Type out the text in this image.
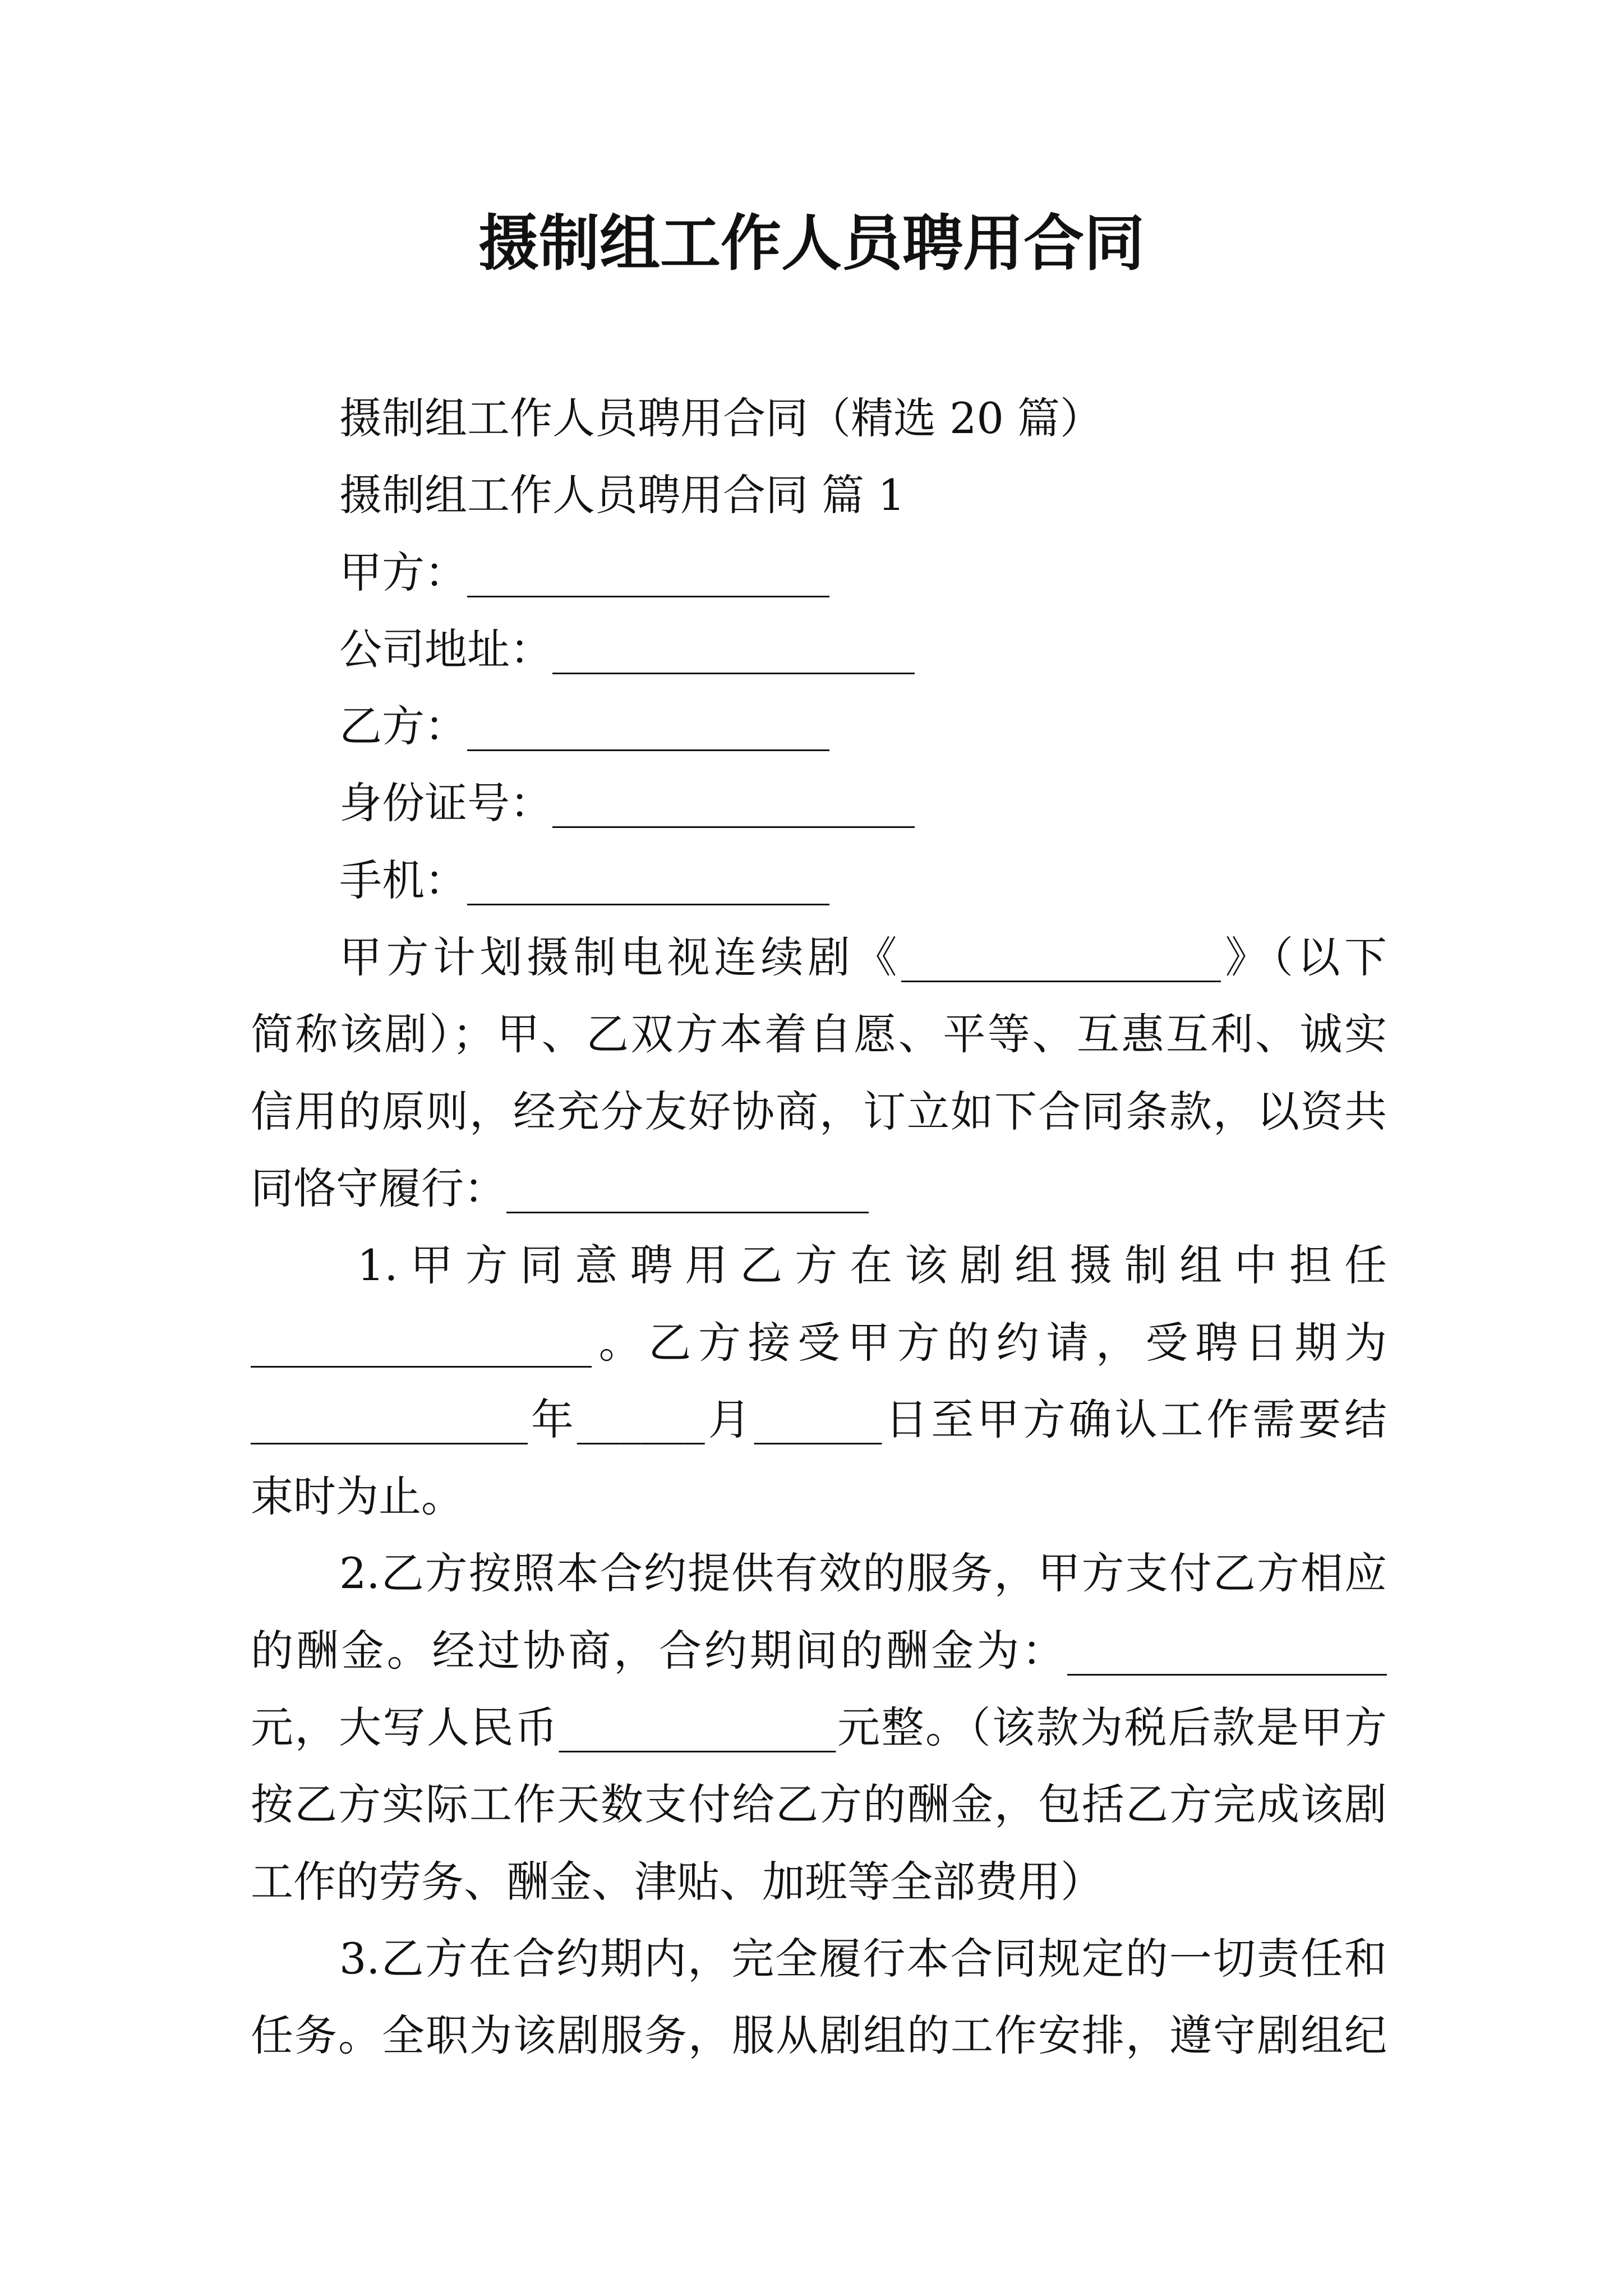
摄制组工作人员聘用合同
摄制组工作人员聘用合同（精选 20 篇）
摄制组工作人员聘用合同 篇 1
甲方：_________________
公司地址：_________________
乙方：_________________
身份证号：_________________
手机：_________________
甲方计划摄制电视连续剧《_______________》（以下
简称该剧）；甲、乙双方本着自愿、平等、互惠互利、诚实
信用的原则，经充分友好协商，订立如下合同条款，以资共
同恪守履行：_________________
1.甲方同意聘用乙方在该剧组摄制组中担任
________________。乙方接受甲方的约请，受聘日期为
_____________年______月______日至甲方确认工作需要结
束时为止。
2.乙方按照本合约提供有效的服务，甲方支付乙方相应
的酬金。经过协商，合约期间的酬金为：_______________
元，大写人民币_____________元整。（该款为税后款是甲方
按乙方实际工作天数支付给乙方的酬金，包括乙方完成该剧
工作的劳务、酬金、津贴、加班等全部费用）
3.乙方在合约期内，完全履行本合同规定的一切责任和
任务。全职为该剧服务，服从剧组的工作安排，遵守剧组纪
